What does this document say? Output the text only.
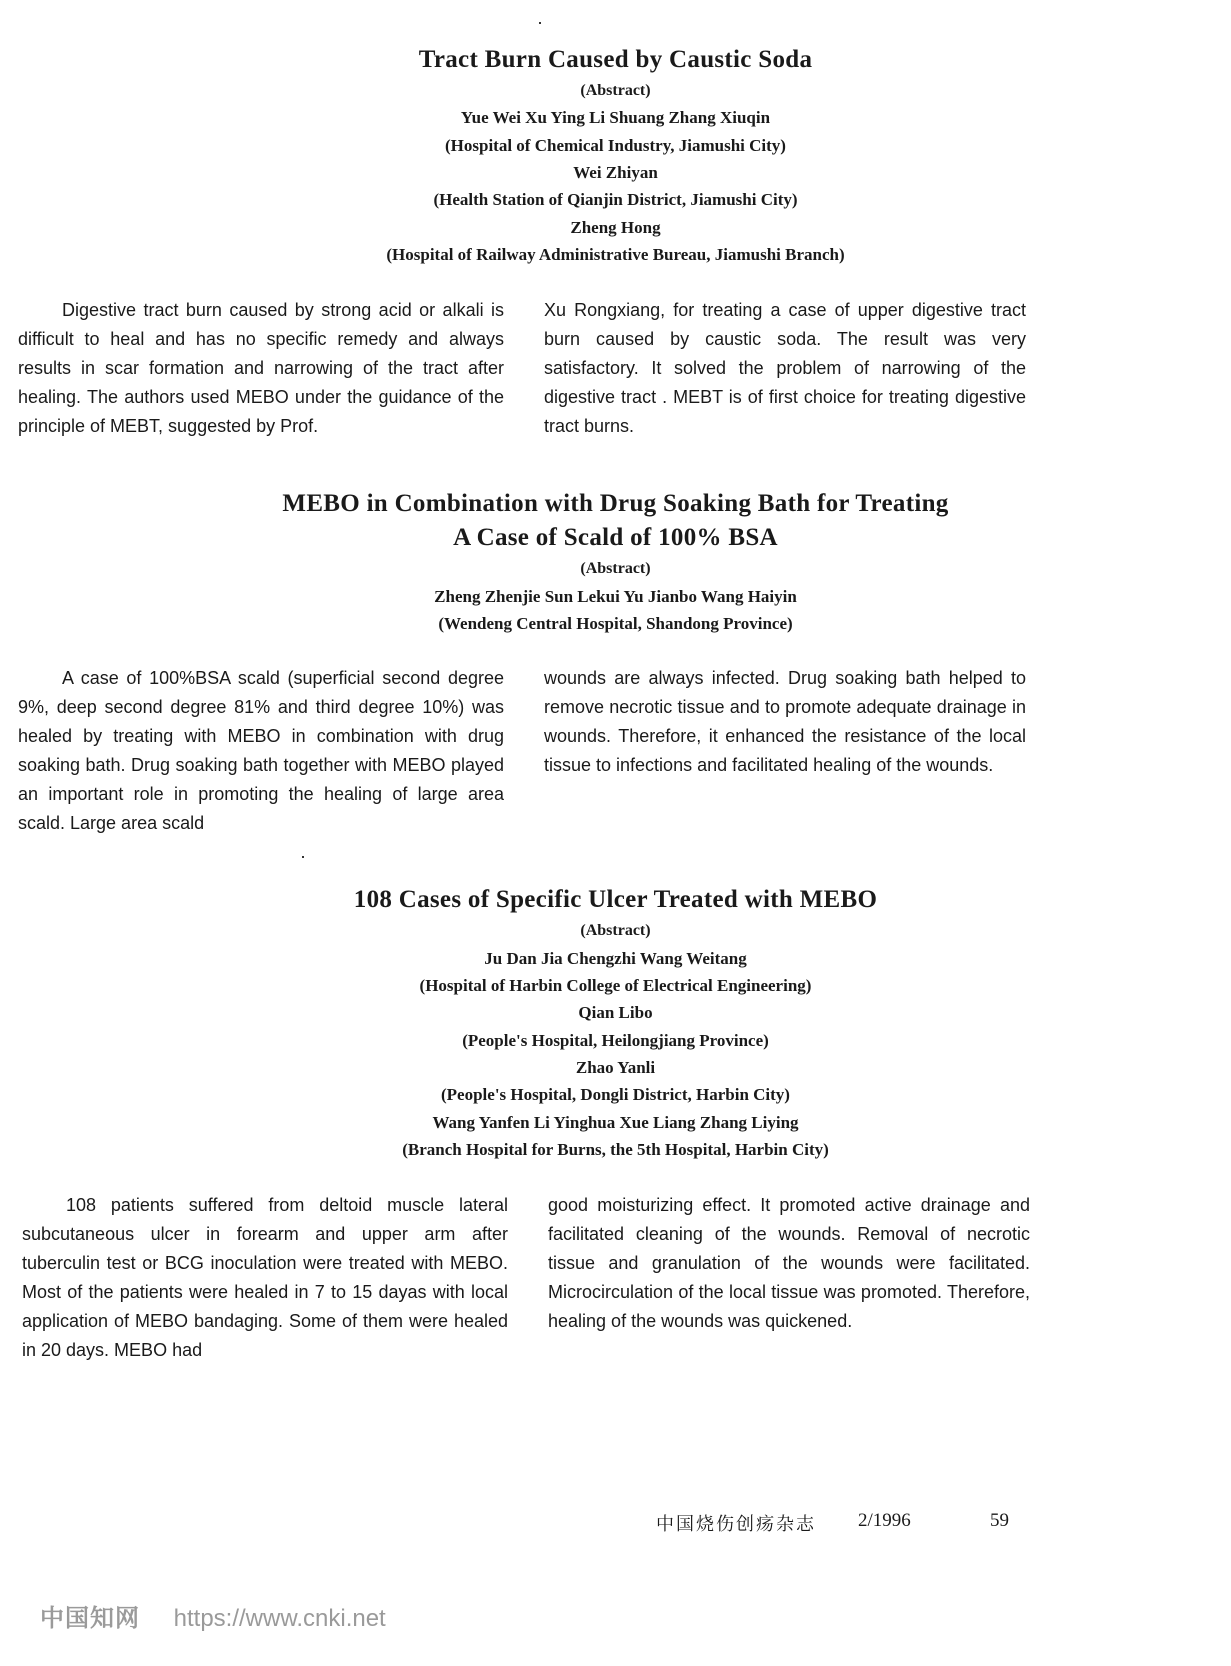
Tract Burn Caused by Caustic Soda
(Abstract)
Yue Wei Xu Ying Li Shuang Zhang Xiuqin
(Hospital of Chemical Industry, Jiamushi City)
Wei Zhiyan
(Health Station of Qianjin District, Jiamushi City)
Zheng Hong
(Hospital of Railway Administrative Bureau, Jiamushi Branch)
Digestive tract burn caused by strong acid or alkali is difficult to heal and has no specific remedy and always results in scar formation and narrowing of the tract after healing. The authors used MEBO under the guidance of the principle of MEBT, suggested by Prof.
Xu Rongxiang, for treating a case of upper digestive tract burn caused by caustic soda. The result was very satisfactory. It solved the problem of narrowing of the digestive tract . MEBT is of first choice for treating digestive tract burns.
MEBO in Combination with Drug Soaking Bath for Treating
A Case of Scald of 100% BSA
(Abstract)
Zheng Zhenjie Sun Lekui Yu Jianbo Wang Haiyin
(Wendeng Central Hospital, Shandong Province)
A case of 100%BSA scald (superficial second degree 9%, deep second degree 81% and third degree 10%) was healed by treating with MEBO in combination with drug soaking bath. Drug soaking bath together with MEBO played an important role in promoting the healing of large area scald. Large area scald
wounds are always infected. Drug soaking bath helped to remove necrotic tissue and to promote adequate drainage in wounds. Therefore, it enhanced the resistance of the local tissue to infections and facilitated healing of the wounds.
108 Cases of Specific Ulcer Treated with MEBO
(Abstract)
Ju Dan Jia Chengzhi Wang Weitang
(Hospital of Harbin College of Electrical Engineering)
Qian Libo
(People's Hospital, Heilongjiang Province)
Zhao Yanli
(People's Hospital, Dongli District, Harbin City)
Wang Yanfen Li Yinghua Xue Liang Zhang Liying
(Branch Hospital for Burns, the 5th Hospital, Harbin City)
108 patients suffered from deltoid muscle lateral subcutaneous ulcer in forearm and upper arm after tuberculin test or BCG inoculation were treated with MEBO. Most of the patients were healed in 7 to 15 dayas with local application of MEBO bandaging. Some of them were healed in 20 days. MEBO had
good moisturizing effect. It promoted active drainage and facilitated cleaning of the wounds. Removal of necrotic tissue and granulation of the wounds were facilitated. Microcirculation of the local tissue was promoted. Therefore, healing of the wounds was quickened.
中国烧伤创疡杂志 2/1996	59
中国知网 https://www.cnki.net
